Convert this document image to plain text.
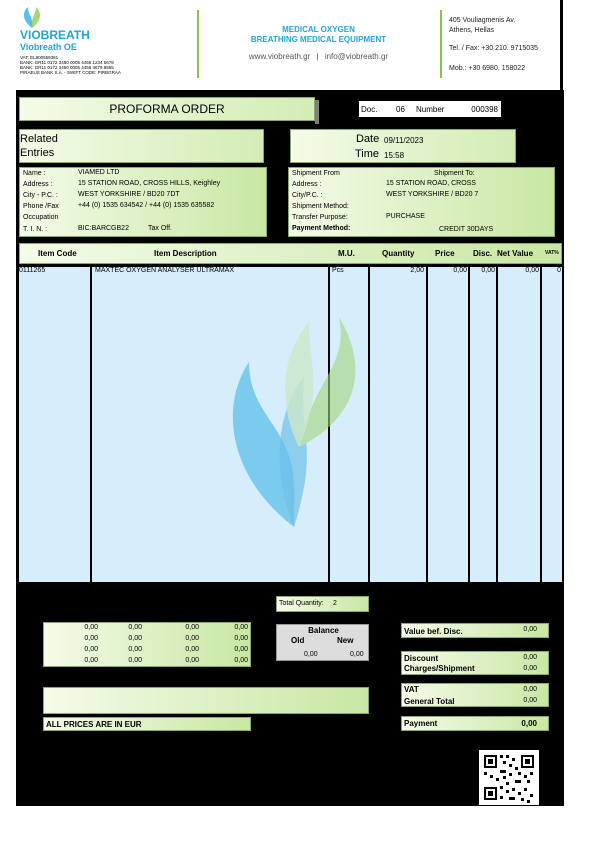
VIOBREATH
Viobreath OE
VAT: EL800559381
BANK: GR11 0172 3450 0005 4456 1234 5678
BANK: GR11 0172 3450 0005 4456 4679 9565
PIRAEUS BANK S.A. - SWIFT CODE: PIRBGRAA
MEDICAL OXYGEN
BREATHING MEDICAL EQUIPMENT
www.viobreath.gr | info@viobreath.gr
405 Vouliagmenis Av.
Athens, Hellas
Tel. / Fax: +30 210. 9715035
Mob.: +30 6980. 158022
PROFORMA ORDER	Doc. 06 Number	000398
Related
Entries
Date 09/11/2023
Time 15:58
Name :	VIAMED LTD
Address :	15 STATION ROAD, CROSS HILLS, Keighley
City - P.C. :	WEST YORKSHIRE / BD20 7DT
Phone /Fax	+44 (0) 1535 634542 / +44 (0) 1535 635582
Occupation
T. I. N. :	BIC:BARCGB22	Tax Off.
Shipment From	Shipment To:
Address :	15 STATION ROAD, CROSS
City/P.C. :	WEST YORKSHIRE / BD20 7
Shipment Method:
Transfer Purpose:	PURCHASE
Payment Method:	CREDIT 30DAYS
Item Code	Item Description	M.U.	Quantity	Price Disc. Net Value VAT%
0111265	MAXTEC OXYGEN ANALYSER ULTRAMAX	Pcs	2,00	0,00 0,00	0,00	0
Total Quantity: 2
0,00	0,00	0,00	0,00
0,00	0,00	0,00	0,00
0,00	0,00	0,00	0,00
0,00	0,00	0,00	0,00
Balance
Old	New
0,00	0,00
Value bef. Disc.	0,00
Discount	0,00
Charges/Shipment	0,00
VAT	0,00
General Total	0,00
Payment	0,00
ALL PRICES ARE IN EUR
